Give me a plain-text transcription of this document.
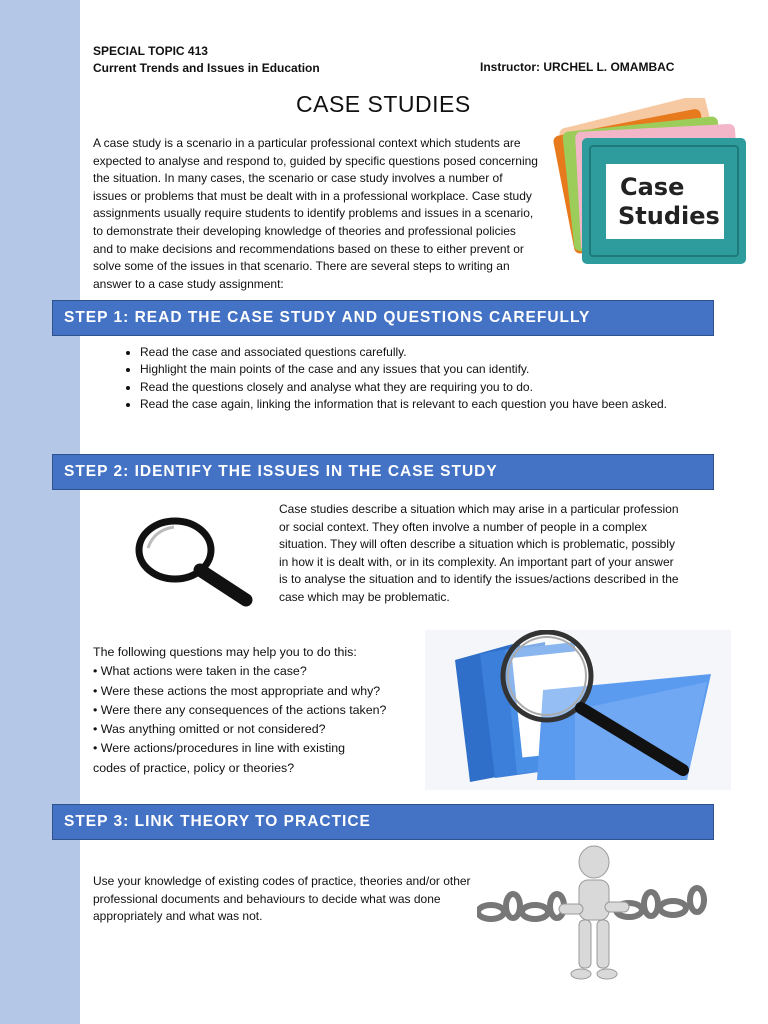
SPECIAL TOPIC 413
Current Trends and Issues in Education	Instructor: URCHEL L. OMAMBAC
CASE STUDIES

A case study is a scenario in a particular professional context which students are expected to analyse and respond to, guided by specific questions posed concerning the situation. In many cases, the scenario or case study involves a number of issues or problems that must be dealt with in a professional workplace. Case study assignments usually require students to identify problems and issues in a scenario, to demonstrate their developing knowledge of theories and professional policies and to make decisions and recommendations based on these to either prevent or solve some of the issues in that scenario. There are several steps to writing an answer to a case study assignment:

Case
Studies
STEP 1: READ THE CASE STUDY AND QUESTIONS CAREFULLY
• Read the case and associated questions carefully.
• Highlight the main points of the case and any issues that you can identify.
• Read the questions closely and analyse what they are requiring you to do.
• Read the case again, linking the information that is relevant to each question you have been asked.
STEP 2: IDENTIFY THE ISSUES IN THE CASE STUDY

Case studies describe a situation which may arise in a particular profession or social context. They often involve a number of people in a complex situation. They will often describe a situation which is problematic, possibly in how it is dealt with, or in its complexity. An important part of your answer is to analyse the situation and to identify the issues/actions described in the case which may be problematic.

The following questions may help you to do this:
• What actions were taken in the case?
• Were these actions the most appropriate and why?
• Were there any consequences of the actions taken?
• Was anything omitted or not considered?
• Were actions/procedures in line with existing
codes of practice, policy or theories?
STEP 3: LINK THEORY TO PRACTICE

Use your knowledge of existing codes of practice, theories and/or other professional documents and behaviours to decide what was done appropriately and what was not.
